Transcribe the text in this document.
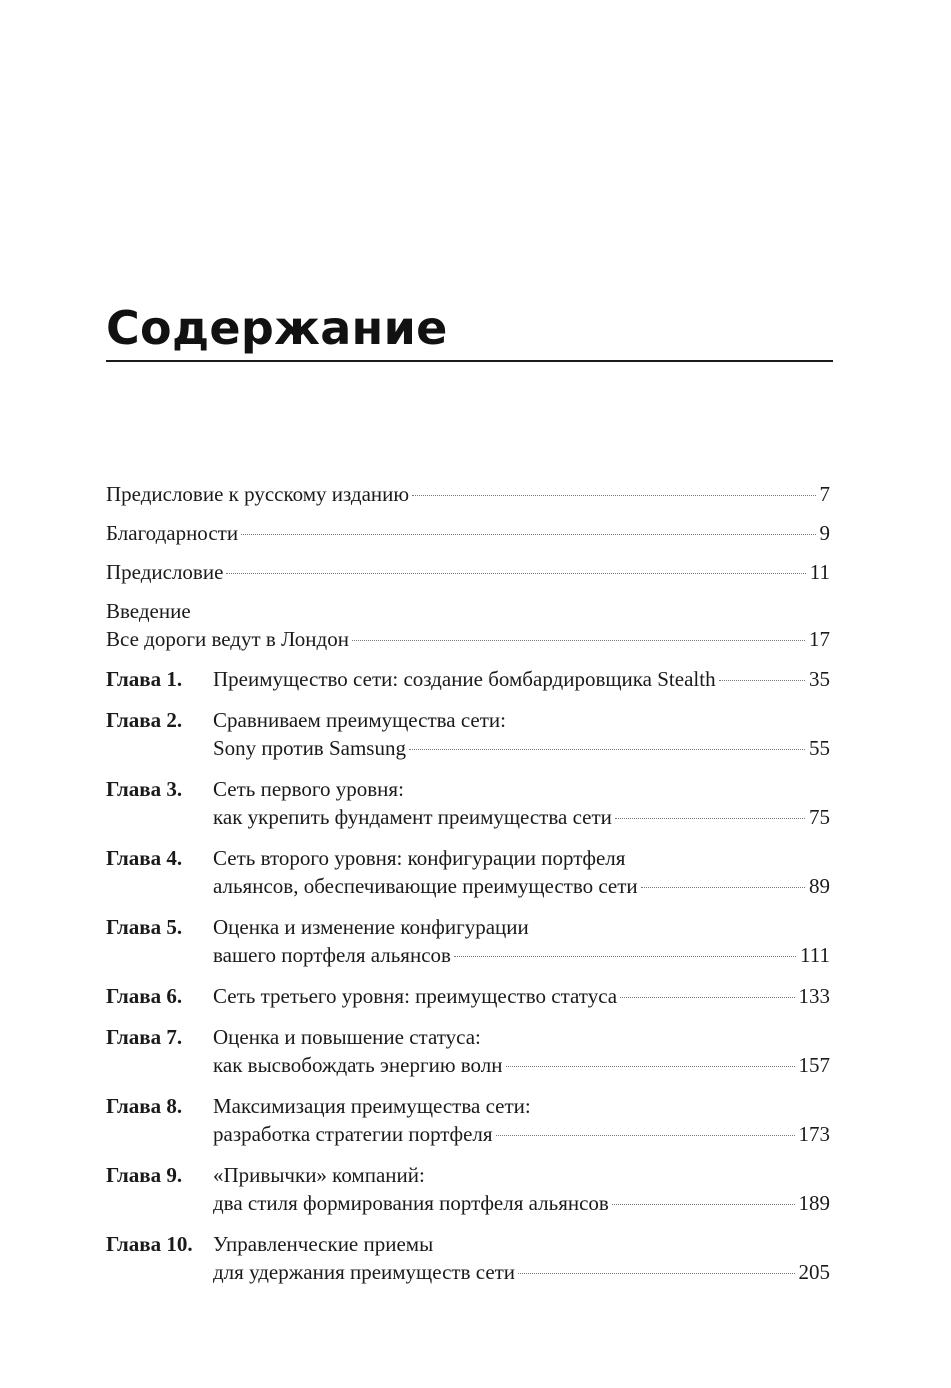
Содержание
Предисловие к русскому изданию	7
Благодарности	9
Предисловие	11
Введение
Все дороги ведут в Лондон	17
Глава 1.	Преимущество сети: создание бомбардировщика Stealth	35
Глава 2.	Сравниваем преимущества сети:
Sony против Samsung	55
Глава 3.	Сеть первого уровня:
как укрепить фундамент преимущества сети	75
Глава 4.	Сеть второго уровня: конфигурации портфеля
альянсов, обеспечивающие преимущество сети	89
Глава 5.	Оценка и изменение конфигурации
вашего портфеля альянсов	111
Глава 6.	Сеть третьего уровня: преимущество статуса	133
Глава 7.	Оценка и повышение статуса:
как высвобождать энергию волн	157
Глава 8.	Максимизация преимущества сети:
разработка стратегии портфеля	173
Глава 9.	«Привычки» компаний:
два стиля формирования портфеля альянсов	189
Глава 10. Управленческие приемы
для удержания преимуществ сети	205
